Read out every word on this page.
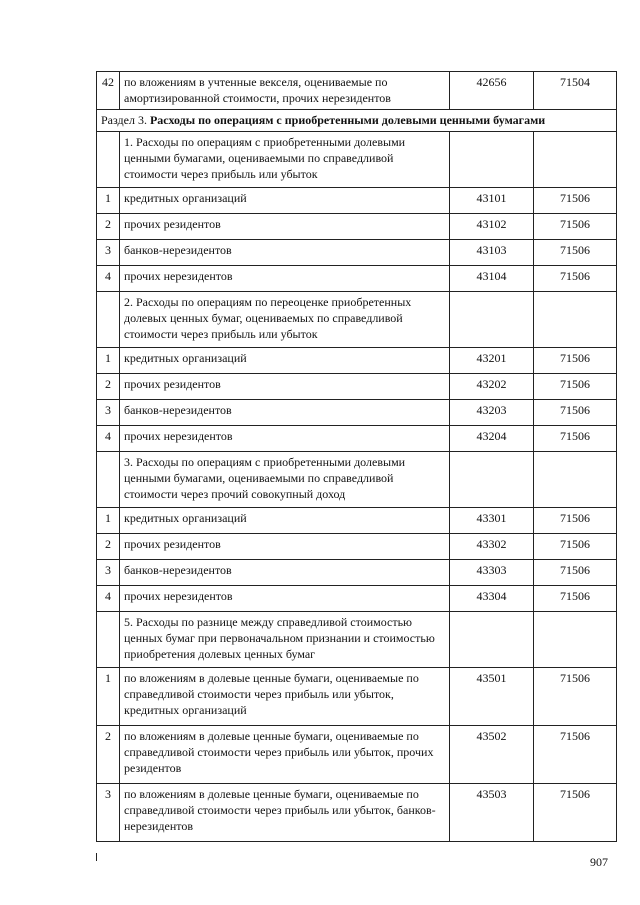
42	по вложениям в учтенные векселя, оцениваемые по амортизированной стоимости, прочих нерезидентов	42656	71504
Раздел 3. Расходы по операциям с приобретенными долевыми ценными бумагами			
	1. Расходы по операциям с приобретенными долевыми ценными бумагами, оцениваемыми по справедливой стоимости через прибыль или убыток		
1	кредитных организаций	43101	71506
2	прочих резидентов	43102	71506
3	банков-нерезидентов	43103	71506
4	прочих нерезидентов	43104	71506
	2. Расходы по операциям по переоценке приобретенных долевых ценных бумаг, оцениваемых по справедливой стоимости через прибыль или убыток		
1	кредитных организаций	43201	71506
2	прочих резидентов	43202	71506
3	банков-нерезидентов	43203	71506
4	прочих нерезидентов	43204	71506
	3. Расходы по операциям с приобретенными долевыми ценными бумагами, оцениваемыми по справедливой стоимости через прочий совокупный доход		
1	кредитных организаций	43301	71506
2	прочих резидентов	43302	71506
3	банков-нерезидентов	43303	71506
4	прочих нерезидентов	43304	71506
	5. Расходы по разнице между справедливой стоимостью ценных бумаг при первоначальном признании и стоимостью приобретения долевых ценных бумаг		
1	по вложениям в долевые ценные бумаги, оцениваемые по справедливой стоимости через прибыль или убыток, кредитных организаций	43501	71506
2	по вложениям в долевые ценные бумаги, оцениваемые по справедливой стоимости через прибыль или убыток, прочих резидентов	43502	71506
3	по вложениям в долевые ценные бумаги, оцениваемые по справедливой стоимости через прибыль или убыток, банков-нерезидентов	43503	71506
907
